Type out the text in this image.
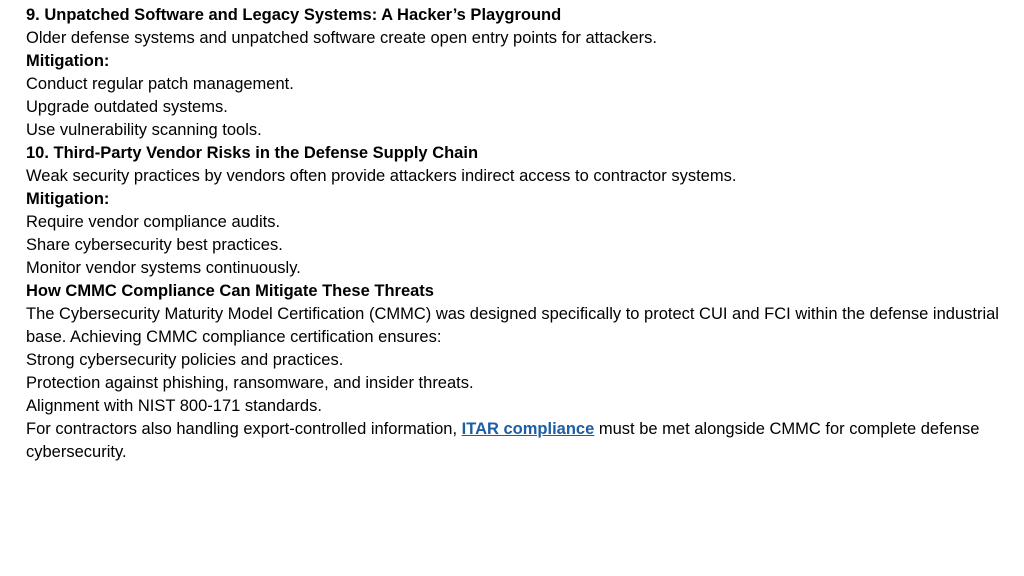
9. Unpatched Software and Legacy Systems: A Hacker’s Playground

Older defense systems and unpatched software create open entry points for attackers.

Mitigation:

Conduct regular patch management.

Upgrade outdated systems.

Use vulnerability scanning tools.

10. Third-Party Vendor Risks in the Defense Supply Chain

Weak security practices by vendors often provide attackers indirect access to contractor systems.

Mitigation:

Require vendor compliance audits.

Share cybersecurity best practices.

Monitor vendor systems continuously.

How CMMC Compliance Can Mitigate These Threats

The Cybersecurity Maturity Model Certification (CMMC) was designed specifically to protect CUI and FCI within the defense industrial base. Achieving CMMC compliance certification ensures:

Strong cybersecurity policies and practices.

Protection against phishing, ransomware, and insider threats.

Alignment with NIST 800-171 standards.

For contractors also handling export-controlled information, ITAR compliance must be met alongside CMMC for complete defense cybersecurity.
